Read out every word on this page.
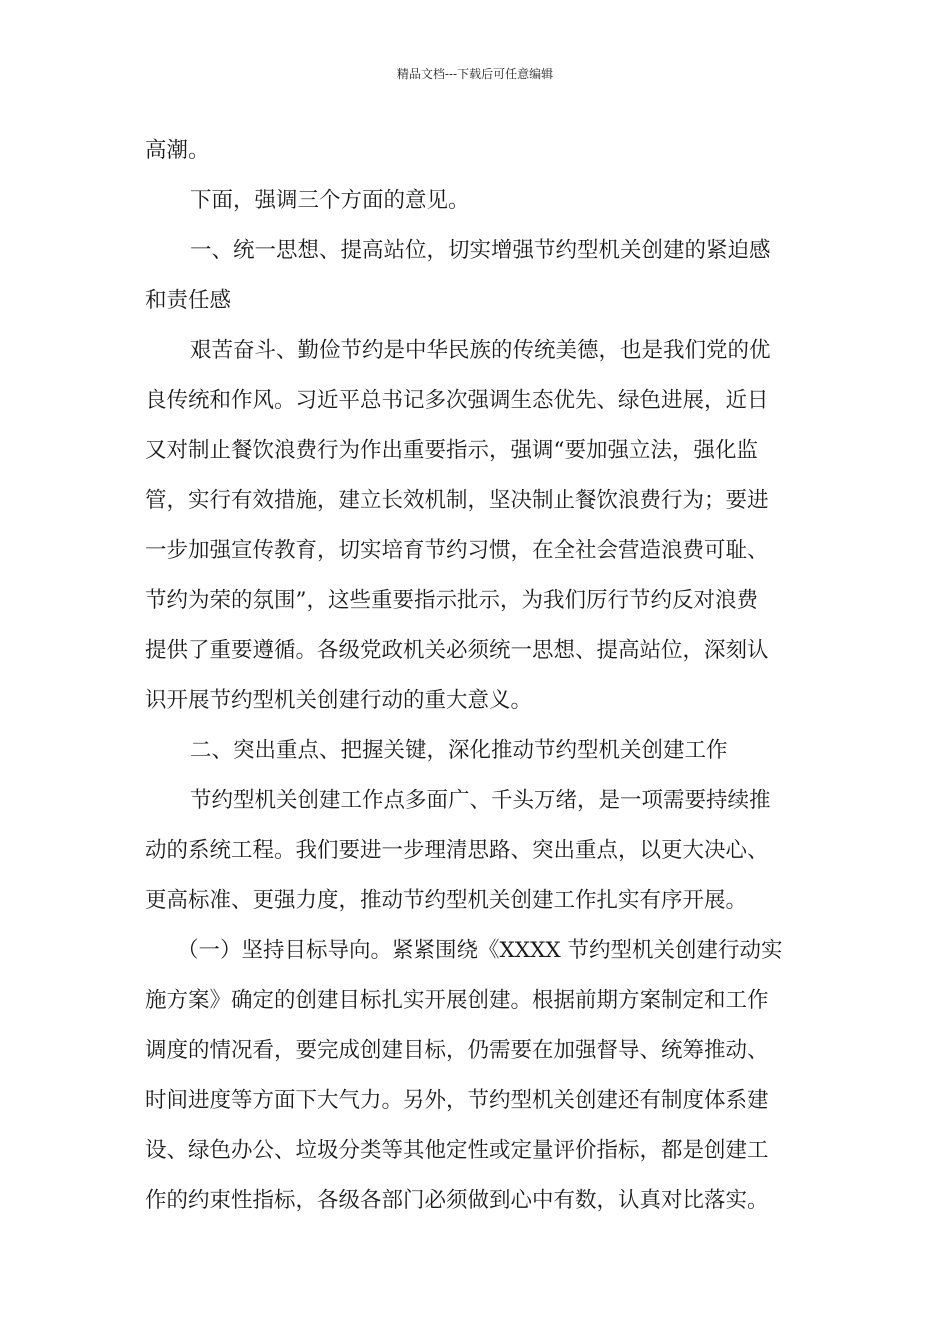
精品文档---下载后可任意编辑
高潮。
下面，强调三个方面的意见。
一、统一思想、提高站位，切实增强节约型机关创建的紧迫感
和责任感
艰苦奋斗、勤俭节约是中华民族的传统美德，也是我们党的优
良传统和作风。习近平总书记多次强调生态优先、绿色进展，近日
又对制止餐饮浪费行为作出重要指示，强调“要加强立法，强化监
管，实行有效措施，建立长效机制，坚决制止餐饮浪费行为；要进
一步加强宣传教育，切实培育节约习惯，在全社会营造浪费可耻、
节约为荣的氛围”，这些重要指示批示，为我们厉行节约反对浪费
提供了重要遵循。各级党政机关必须统一思想、提高站位，深刻认
识开展节约型机关创建行动的重大意义。
二、突出重点、把握关键，深化推动节约型机关创建工作
节约型机关创建工作点多面广、千头万绪，是一项需要持续推
动的系统工程。我们要进一步理清思路、突出重点，以更大决心、
更高标准、更强力度，推动节约型机关创建工作扎实有序开展。
（一）坚持目标导向。紧紧围绕《XXXX 节约型机关创建行动实
施方案》确定的创建目标扎实开展创建。根据前期方案制定和工作
调度的情况看，要完成创建目标，仍需要在加强督导、统筹推动、
时间进度等方面下大气力。另外，节约型机关创建还有制度体系建
设、绿色办公、垃圾分类等其他定性或定量评价指标，都是创建工
作的约束性指标，各级各部门必须做到心中有数，认真对比落实。
